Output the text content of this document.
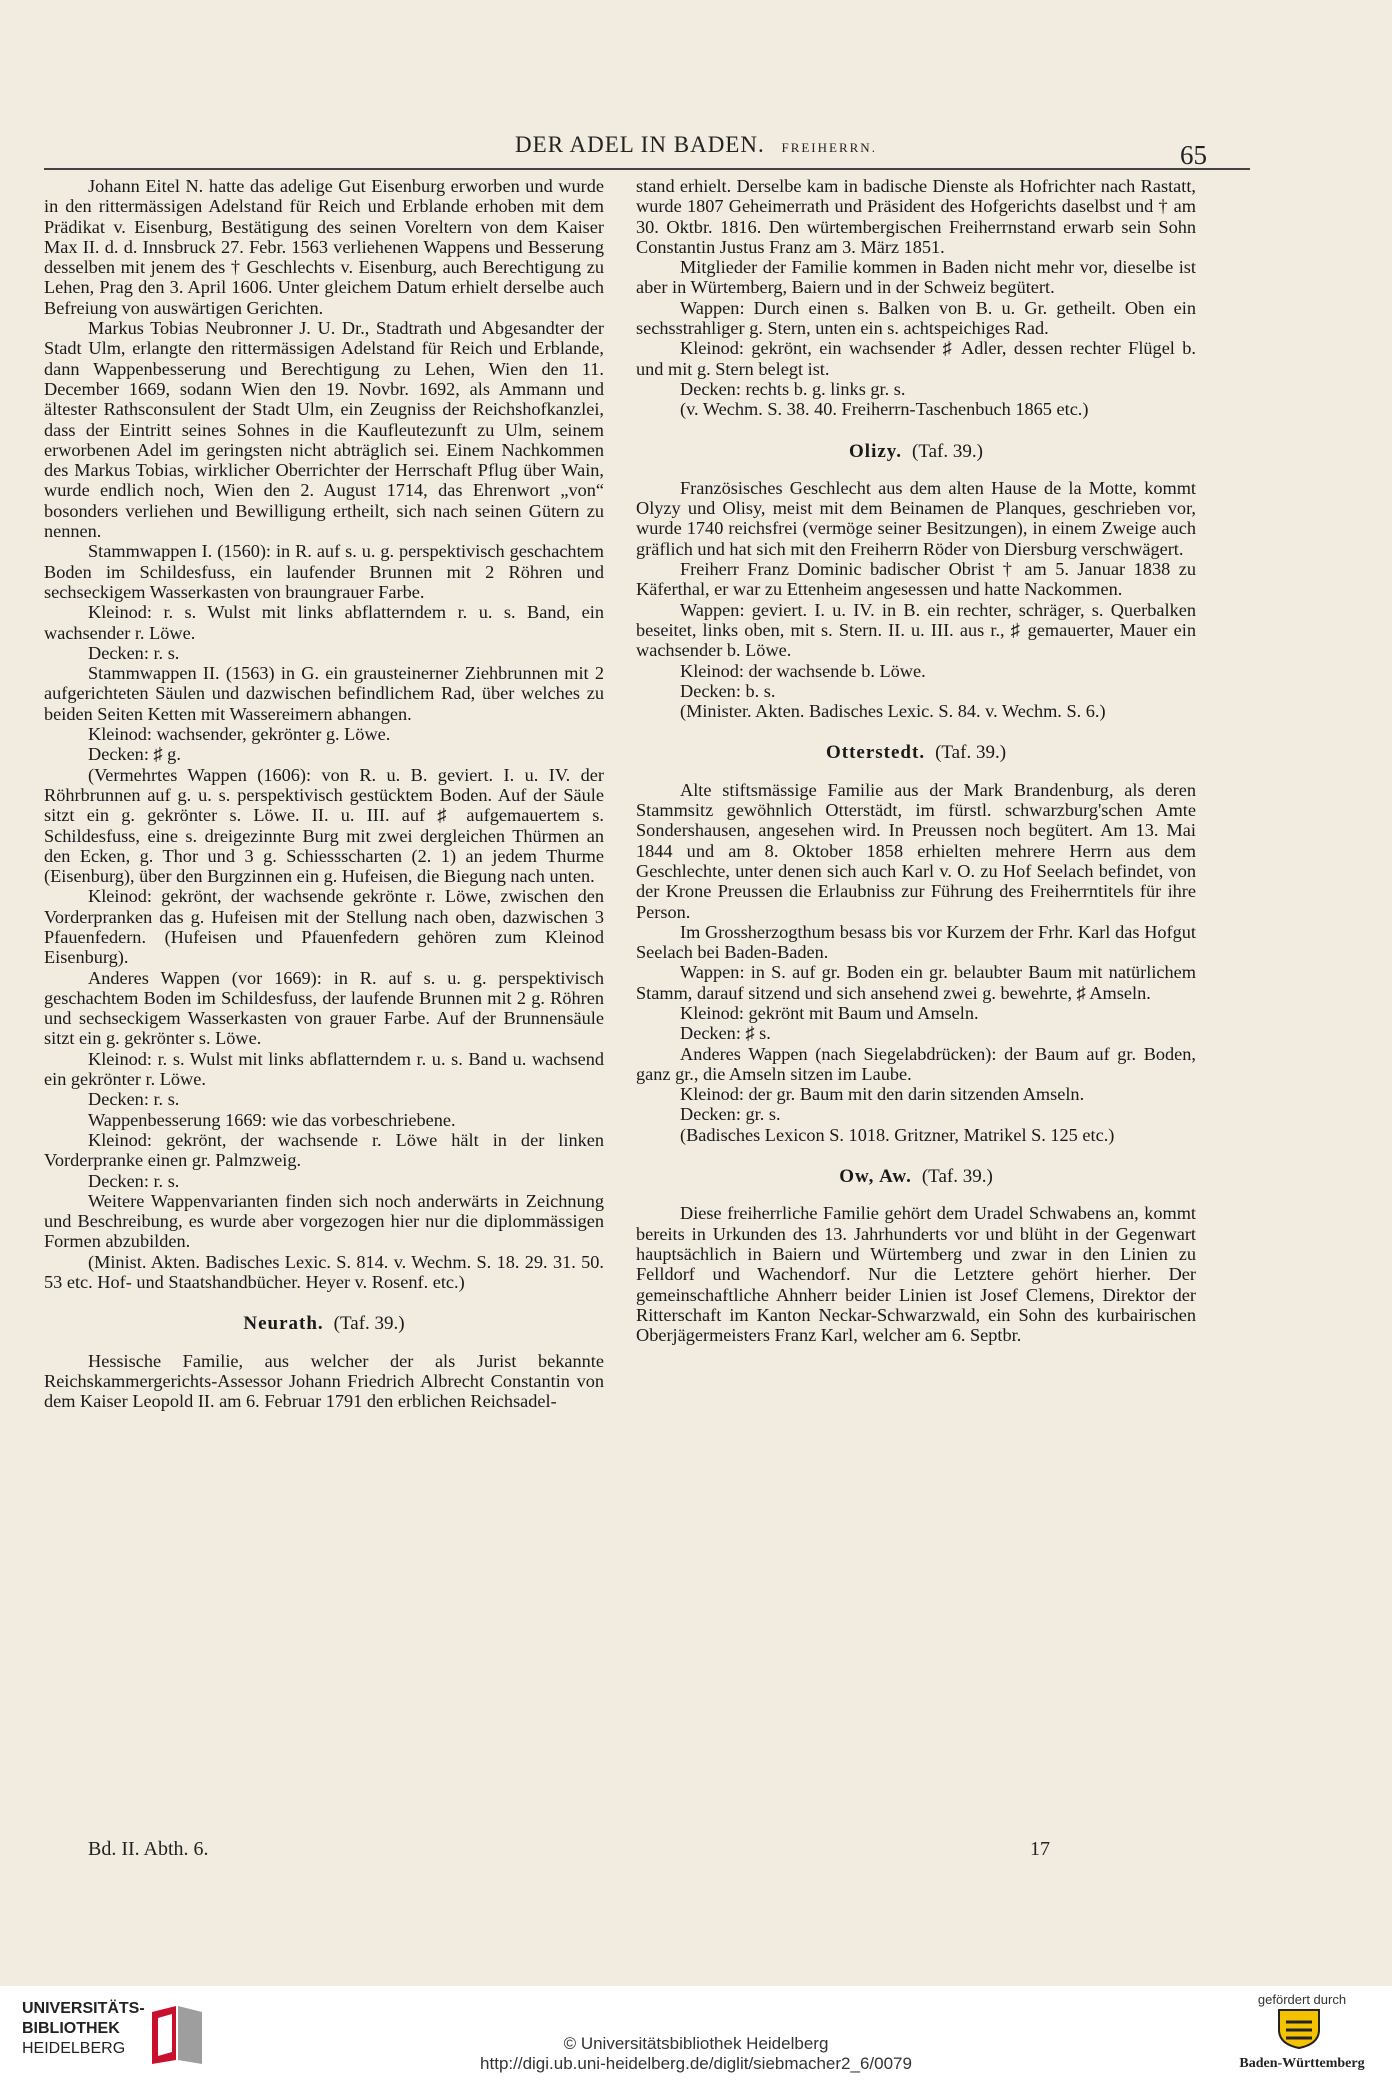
DER ADEL IN BADEN. FREIHERRN.	65

Johann Eitel N. hatte das adelige Gut Eisenburg erworben und wurde in den rittermässigen Adelstand für Reich und Erblande erhoben mit dem Prädikat v. Eisenburg, Bestätigung des seinen Voreltern von dem Kaiser Max II. d. d. Innsbruck 27. Febr. 1563 verliehenen Wappens und Besserung desselben mit jenem des † Geschlechts v. Eisenburg, auch Berechtigung zu Lehen, Prag den 3. April 1606. Unter gleichem Datum erhielt derselbe auch Befreiung von auswärtigen Gerichten.

Markus Tobias Neubronner J. U. Dr., Stadtrath und Abgesandter der Stadt Ulm, erlangte den rittermässigen Adelstand für Reich und Erblande, dann Wappenbesserung und Berechtigung zu Lehen, Wien den 11. December 1669, sodann Wien den 19. Novbr. 1692, als Ammann und ältester Rathsconsulent der Stadt Ulm, ein Zeugniss der Reichshofkanzlei, dass der Eintritt seines Sohnes in die Kaufleutezunft zu Ulm, seinem erworbenen Adel im geringsten nicht abträglich sei. Einem Nachkommen des Markus Tobias, wirklicher Oberrichter der Herrschaft Pflug über Wain, wurde endlich noch, Wien den 2. August 1714, das Ehrenwort „von“ bosonders verliehen und Bewilligung ertheilt, sich nach seinen Gütern zu nennen.

Stammwappen I. (1560): in R. auf s. u. g. perspektivisch geschachtem Boden im Schildesfuss, ein laufender Brunnen mit 2 Röhren und sechseckigem Wasserkasten von braungrauer Farbe.

Kleinod: r. s. Wulst mit links abflatterndem r. u. s. Band, ein wachsender r. Löwe.

Decken: r. s.

Stammwappen II. (1563) in G. ein grausteinerner Ziehbrunnen mit 2 aufgerichteten Säulen und dazwischen befindlichem Rad, über welches zu beiden Seiten Ketten mit Wassereimern abhangen.

Kleinod: wachsender, gekrönter g. Löwe.

Decken: ♯ g.

(Vermehrtes Wappen (1606): von R. u. B. geviert. I. u. IV. der Röhrbrunnen auf g. u. s. perspektivisch gestücktem Boden. Auf der Säule sitzt ein g. gekrönter s. Löwe. II. u. III. auf ♯ aufgemauertem s. Schildesfuss, eine s. dreigezinnte Burg mit zwei dergleichen Thürmen an den Ecken, g. Thor und 3 g. Schiessscharten (2. 1) an jedem Thurme (Eisenburg), über den Burgzinnen ein g. Hufeisen, die Biegung nach unten.

Kleinod: gekrönt, der wachsende gekrönte r. Löwe, zwischen den Vorderpranken das g. Hufeisen mit der Stellung nach oben, dazwischen 3 Pfauenfedern. (Hufeisen und Pfauenfedern gehören zum Kleinod Eisenburg).

Anderes Wappen (vor 1669): in R. auf s. u. g. perspektivisch geschachtem Boden im Schildesfuss, der laufende Brunnen mit 2 g. Röhren und sechseckigem Wasserkasten von grauer Farbe. Auf der Brunnensäule sitzt ein g. gekrönter s. Löwe.

Kleinod: r. s. Wulst mit links abflatterndem r. u. s. Band u. wachsend ein gekrönter r. Löwe.

Decken: r. s.

Wappenbesserung 1669: wie das vorbeschriebene.

Kleinod: gekrönt, der wachsende r. Löwe hält in der linken Vorderpranke einen gr. Palmzweig.

Decken: r. s.

Weitere Wappenvarianten finden sich noch anderwärts in Zeichnung und Beschreibung, es wurde aber vorgezogen hier nur die diplommässigen Formen abzubilden.

(Minist. Akten. Badisches Lexic. S. 814. v. Wechm. S. 18. 29. 31. 50. 53 etc. Hof- und Staatshandbücher. Heyer v. Rosenf. etc.)

Neurath. (Taf. 39.)

Hessische Familie, aus welcher der als Jurist bekannte Reichskammergerichts-Assessor Johann Friedrich Albrecht Constantin von dem Kaiser Leopold II. am 6. Februar 1791 den erblichen Reichsadel-

stand erhielt. Derselbe kam in badische Dienste als Hofrichter nach Rastatt, wurde 1807 Geheimerrath und Präsident des Hofgerichts daselbst und † am 30. Oktbr. 1816. Den würtembergischen Freiherrnstand erwarb sein Sohn Constantin Justus Franz am 3. März 1851.

Mitglieder der Familie kommen in Baden nicht mehr vor, dieselbe ist aber in Würtemberg, Baiern und in der Schweiz begütert.

Wappen: Durch einen s. Balken von B. u. Gr. getheilt. Oben ein sechsstrahliger g. Stern, unten ein s. achtspeichiges Rad.

Kleinod: gekrönt, ein wachsender ♯ Adler, dessen rechter Flügel b. und mit g. Stern belegt ist.

Decken: rechts b. g. links gr. s.

(v. Wechm. S. 38. 40. Freiherrn-Taschenbuch 1865 etc.)

Olizy. (Taf. 39.)

Französisches Geschlecht aus dem alten Hause de la Motte, kommt Olyzy und Olisy, meist mit dem Beinamen de Planques, geschrieben vor, wurde 1740 reichsfrei (vermöge seiner Besitzungen), in einem Zweige auch gräflich und hat sich mit den Freiherrn Röder von Diersburg verschwägert.

Freiherr Franz Dominic badischer Obrist † am 5. Januar 1838 zu Käferthal, er war zu Ettenheim angesessen und hatte Nackommen.

Wappen: geviert. I. u. IV. in B. ein rechter, schräger, s. Querbalken beseitet, links oben, mit s. Stern. II. u. III. aus r., ♯ gemauerter, Mauer ein wachsender b. Löwe.

Kleinod: der wachsende b. Löwe.

Decken: b. s.

(Minister. Akten. Badisches Lexic. S. 84. v. Wechm. S. 6.)

Otterstedt. (Taf. 39.)

Alte stiftsmässige Familie aus der Mark Brandenburg, als deren Stammsitz gewöhnlich Otterstädt, im fürstl. schwarzburg'schen Amte Sondershausen, angesehen wird. In Preussen noch begütert. Am 13. Mai 1844 und am 8. Oktober 1858 erhielten mehrere Herrn aus dem Geschlechte, unter denen sich auch Karl v. O. zu Hof Seelach befindet, von der Krone Preussen die Erlaubniss zur Führung des Freiherrntitels für ihre Person.

Im Grossherzogthum besass bis vor Kurzem der Frhr. Karl das Hofgut Seelach bei Baden-Baden.

Wappen: in S. auf gr. Boden ein gr. belaubter Baum mit natürlichem Stamm, darauf sitzend und sich ansehend zwei g. bewehrte, ♯ Amseln.

Kleinod: gekrönt mit Baum und Amseln.

Decken: ♯ s.

Anderes Wappen (nach Siegelabdrücken): der Baum auf gr. Boden, ganz gr., die Amseln sitzen im Laube.

Kleinod: der gr. Baum mit den darin sitzenden Amseln.

Decken: gr. s.

(Badisches Lexicon S. 1018. Gritzner, Matrikel S. 125 etc.)

Ow, Aw. (Taf. 39.)

Diese freiherrliche Familie gehört dem Uradel Schwabens an, kommt bereits in Urkunden des 13. Jahrhunderts vor und blüht in der Gegenwart hauptsächlich in Baiern und Würtemberg und zwar in den Linien zu Felldorf und Wachendorf. Nur die Letztere gehört hierher. Der gemeinschaftliche Ahnherr beider Linien ist Josef Clemens, Direktor der Ritterschaft im Kanton Neckar-Schwarzwald, ein Sohn des kurbairischen Oberjägermeisters Franz Karl, welcher am 6. Septbr.

Bd. II. Abth. 6.	17
UNIVERSITÄTS-
BIBLIOTHEK
HEIDELBERG	© Universitätsbibliothek Heidelberg
http://digi.ub.uni-heidelberg.de/diglit/siebmacher2_6/0079
gefördert durch
Baden-Württemberg
